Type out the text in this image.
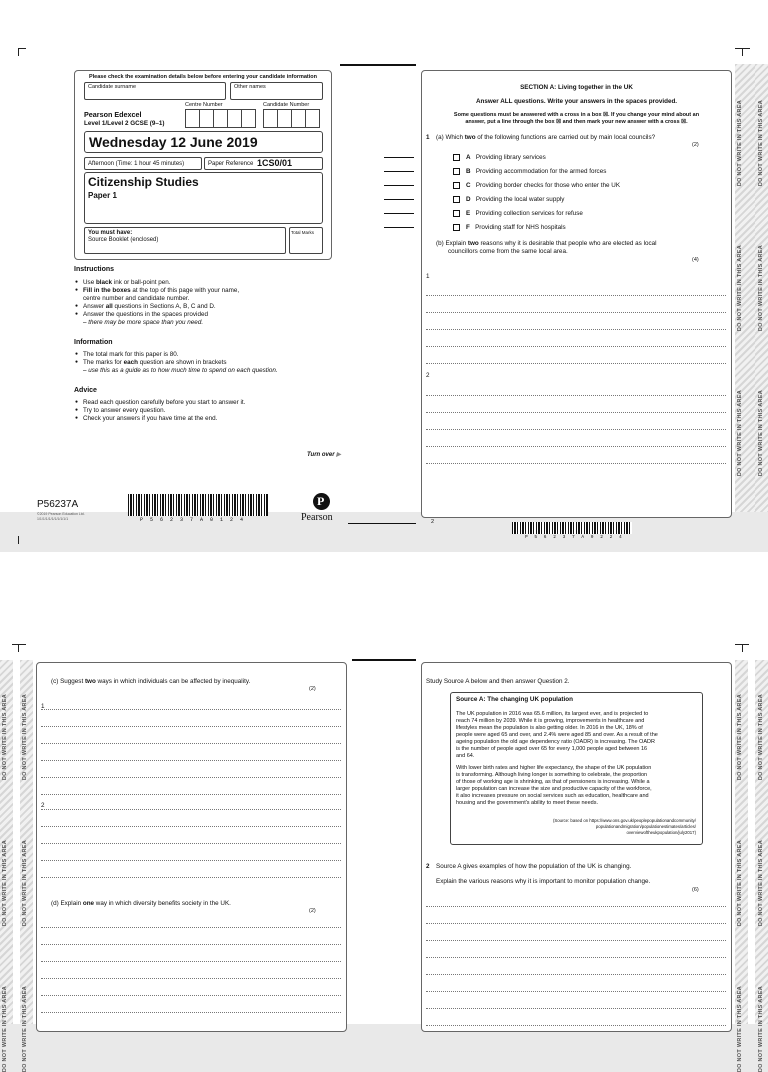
Please check the examination details below before entering your candidate information
Candidate surname	Other names
Centre Number	Candidate Number
Pearson Edexcel
Level 1/Level 2 GCSE (9–1)
Wednesday 12 June 2019
Afternoon (Time: 1 hour 45 minutes)	Paper Reference 1CS0/01
Citizenship Studies
Paper 1
You must have:
Source Booklet (enclosed)
Total Marks
Instructions
● Use black ink or ball-point pen.
● Fill in the boxes at the top of this page with your name,
centre number and candidate number.
● Answer all questions in Sections A, B, C and D.
● Answer the questions in the spaces provided
– there may be more space than you need.
Information
● The total mark for this paper is 80.
● The marks for each question are shown in brackets
– use this as a guide as to how much time to spend on each question.
Advice
● Read each question carefully before you start to answer it.
● Try to answer every question.
● Check your answers if you have time at the end.
Turn over ▶
P56237A
©2019 Pearson Education Ltd.
1/1/1/1/1/1/1/1/1/1/1	P 5 6 2 3 7 A 0 1 2 4
P
Pearson
SECTION A: Living together in the UK
Answer ALL questions. Write your answers in the spaces provided.
Some questions must be answered with a cross in a box ☒. If you change your mind about an
answer, put a line through the box ☒ and then mark your new answer with a cross ☒.
1 (a) Which two of the following functions are carried out by main local councils?
(2)
A Providing library services
B Providing accommodation for the armed forces
C Providing border checks for those who enter the UK
D Providing the local water supply
E Providing collection services for refuse
F Providing staff for NHS hospitals
(b) Explain two reasons why it is desirable that people who are elected as local
councillors come from the same local area.
(4)
1
2
2
P 5 6 2 3 7 A 0 2 2 4
DO NOT WRITE IN THIS AREA
DO NOT WRITE IN THIS AREA
DO NOT WRITE IN THIS AREA
DO NOT WRITE IN THIS AREA
DO NOT WRITE IN THIS AREA
DO NOT WRITE IN THIS AREA
DO NOT WRITE IN THIS AREA
DO NOT WRITE IN THIS AREA
DO NOT WRITE IN THIS AREA
DO NOT WRITE IN THIS AREA
DO NOT WRITE IN THIS AREA
DO NOT WRITE IN THIS AREA
(c) Suggest two ways in which individuals can be affected by inequality.
(2)
1
2
(d) Explain one way in which diversity benefits society in the UK.
(2)
Study Source A below and then answer Question 2.
Source A: The changing UK population
The UK population in 2016 was 65.6 million, its largest ever, and is projected to
reach 74 million by 2039. While it is growing, improvements in healthcare and
lifestyles mean the population is also getting older. In 2016 in the UK, 18% of
people were aged 65 and over, and 2.4% were aged 85 and over. As a result of the
ageing population the old age dependency ratio (OADR) is increasing. The OADR
is the number of people aged over 65 for every 1,000 people aged between 16
and 64.
With lower birth rates and higher life expectancy, the shape of the UK population
is transforming. Although living longer is something to celebrate, the proportion
of those of working age is shrinking, as that of pensioners is increasing. While a
larger population can increase the size and productive capacity of the workforce,
it also increases pressure on social services such as education, healthcare and
housing and the government's ability to meet these needs.
(Source: based on https://www.ons.gov.uk/peoplepopulationandcommunity/
populationandmigration/populationestimates/articles/
overviewoftheukpopulation/july2017)
2 Source A gives examples of how the population of the UK is changing.
Explain the various reasons why it is important to monitor population change.
(6)
DO NOT WRITE IN THIS AREA
DO NOT WRITE IN THIS AREA
DO NOT WRITE IN THIS AREA
DO NOT WRITE IN THIS AREA
DO NOT WRITE IN THIS AREA
DO NOT WRITE IN THIS AREA
